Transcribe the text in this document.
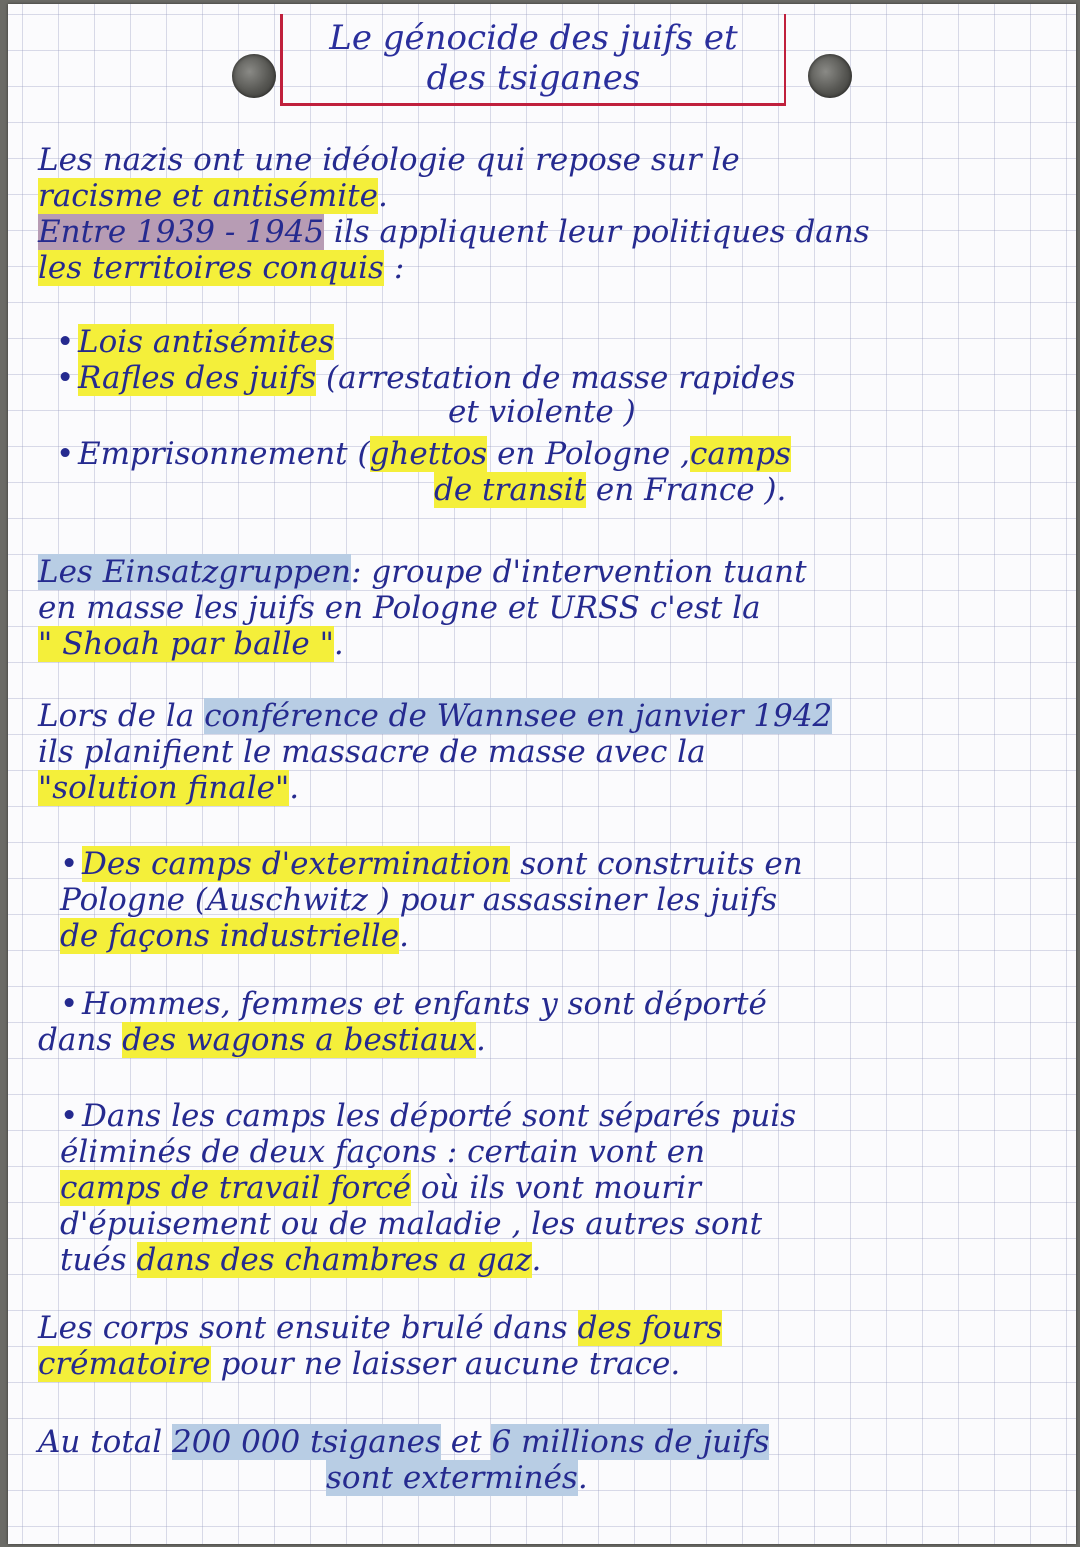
Le génocide des juifs et
des tsiganes
Les nazis ont une idéologie qui repose sur le
racisme et antisémite.
Entre 1939 - 1945 ils appliquent leur politiques dans
les territoires conquis :
• Lois antisémites
• Rafles des juifs (arrestation de masse rapides
et violente )
• Emprisonnement (ghettos en Pologne ,camps
de transit en France ).
Les Einsatzgruppen: groupe d'intervention tuant
en masse les juifs en Pologne et URSS c'est la
" Shoah par balle ".
Lors de la conférence de Wannsee en janvier 1942
ils planifient le massacre de masse avec la
"solution finale".
• Des camps d'extermination sont construits en
Pologne (Auschwitz ) pour assassiner les juifs
de façons industrielle.
• Hommes, femmes et enfants y sont déporté
dans des wagons a bestiaux.
• Dans les camps les déporté sont séparés puis
éliminés de deux façons : certain vont en
camps de travail forcé où ils vont mourir
d'épuisement ou de maladie , les autres sont
tués dans des chambres a gaz.
Les corps sont ensuite brulé dans des fours
crématoire pour ne laisser aucune trace.
Au total 200 000 tsiganes et 6 millions de juifs
sont exterminés.
